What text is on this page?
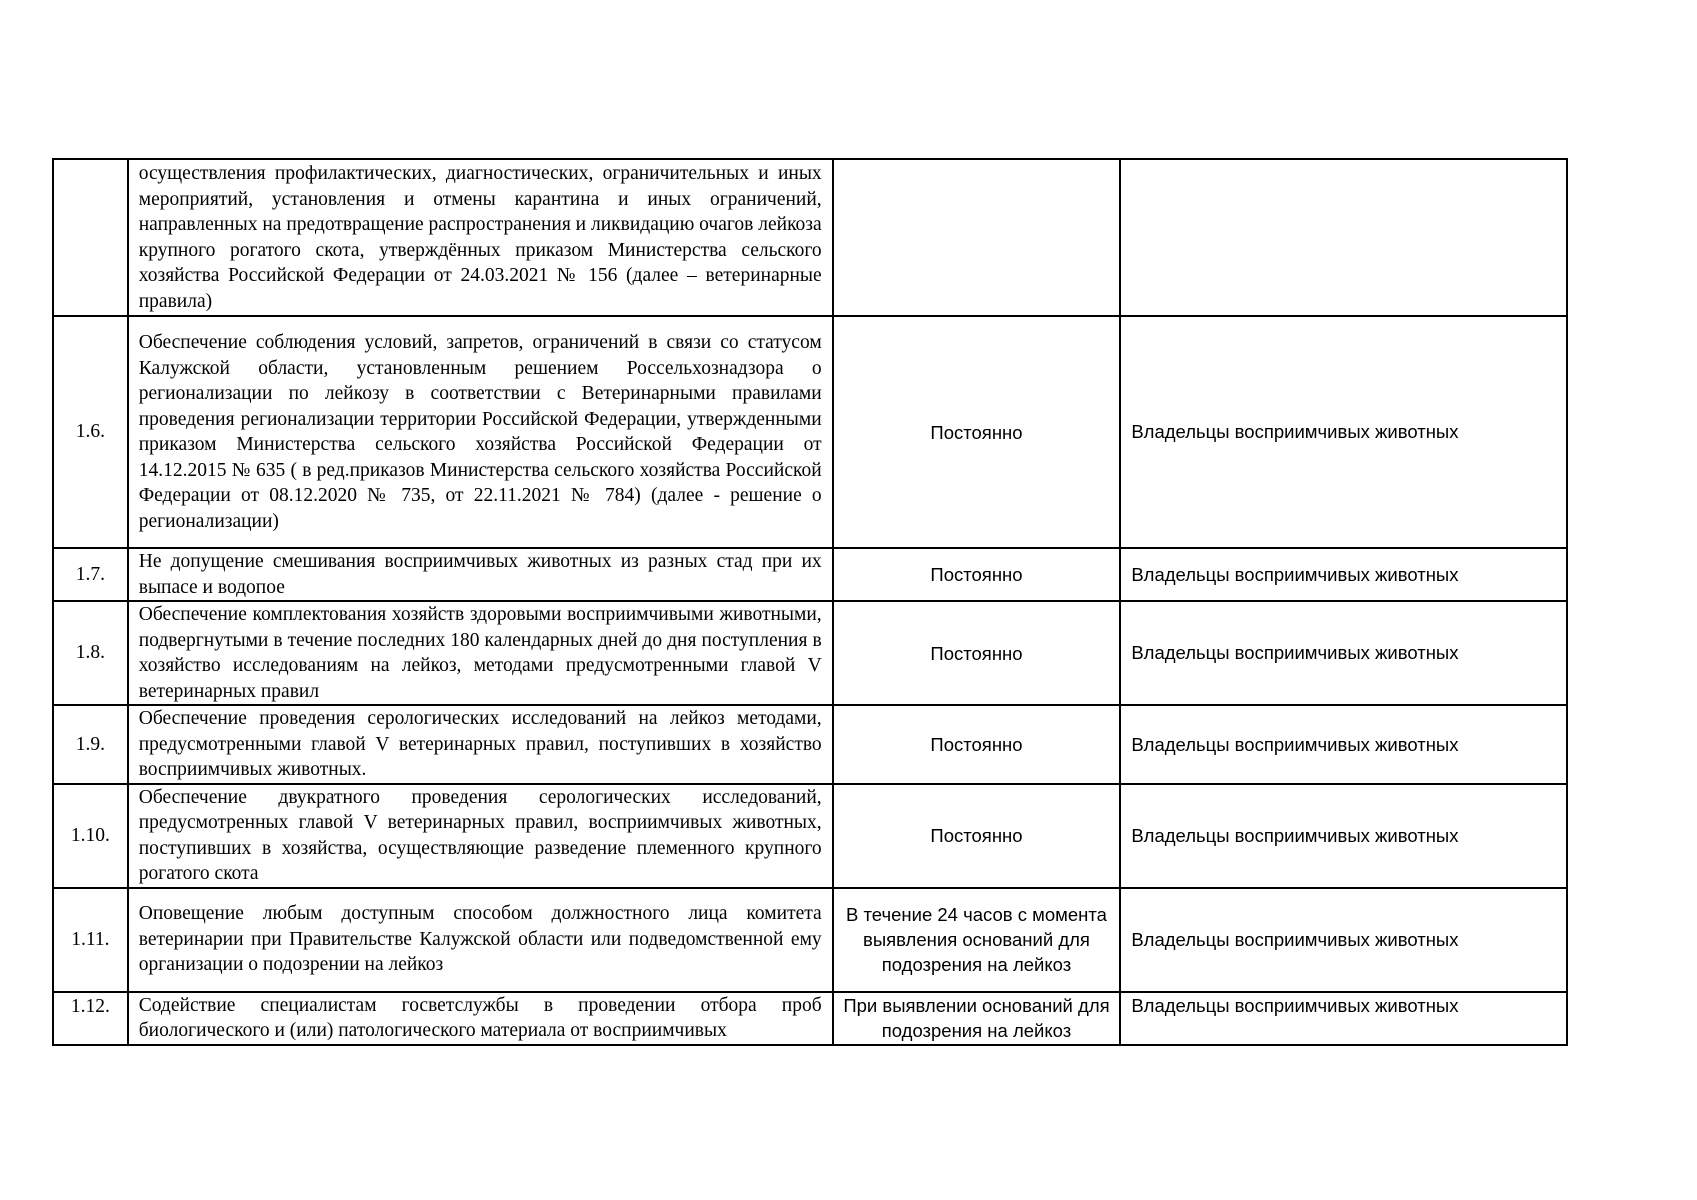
	осуществления профилактических, диагностических, ограничительных и иных мероприятий, установления и отмены карантина и иных ограничений, направленных на предотвращение распространения и ликвидацию очагов лейкоза крупного рогатого скота, утверждённых приказом Министерства сельского хозяйства Российской Федерации от 24.03.2021 № 156 (далее – ветеринарные правила)		
1.6.	Обеспечение соблюдения условий, запретов, ограничений в связи со статусом Калужской области, установленным решением Россельхознадзора о регионализации по лейкозу в соответствии с Ветеринарными правилами проведения регионализации территории Российской Федерации, утвержденными приказом Министерства сельского хозяйства Российской Федерации от 14.12.2015 № 635 ( в ред.приказов Министерства сельского хозяйства Российской Федерации от 08.12.2020 № 735, от 22.11.2021 № 784) (далее - решение о регионализации)	Постоянно	Владельцы восприимчивых животных
1.7.	Не допущение смешивания восприимчивых животных из разных стад при их выпасе и водопое	Постоянно	Владельцы восприимчивых животных
1.8.	Обеспечение комплектования хозяйств здоровыми восприимчивыми животными, подвергнутыми в течение последних 180 календарных дней до дня поступления в хозяйство исследованиям на лейкоз, методами предусмотренными главой V ветеринарных правил	Постоянно	Владельцы восприимчивых животных
1.9.	Обеспечение проведения серологических исследований на лейкоз методами, предусмотренными главой V ветеринарных правил, поступивших в хозяйство восприимчивых животных.	Постоянно	Владельцы восприимчивых животных
1.10.	Обеспечение двукратного проведения серологических исследований, предусмотренных главой V ветеринарных правил, восприимчивых животных, поступивших в хозяйства, осуществляющие разведение племенного крупного рогатого скота	Постоянно	Владельцы восприимчивых животных
1.11.	Оповещение любым доступным способом должностного лица комитета ветеринарии при Правительстве Калужской области или подведомственной ему организации о подозрении на лейкоз	В течение 24 часов с момента выявления оснований для подозрения на лейкоз	Владельцы восприимчивых животных
1.12.	Содействие специалистам госветслужбы в проведении отбора проб биологического и (или) патологического материала от восприимчивых	При выявлении оснований для подозрения на лейкоз	Владельцы восприимчивых животных
